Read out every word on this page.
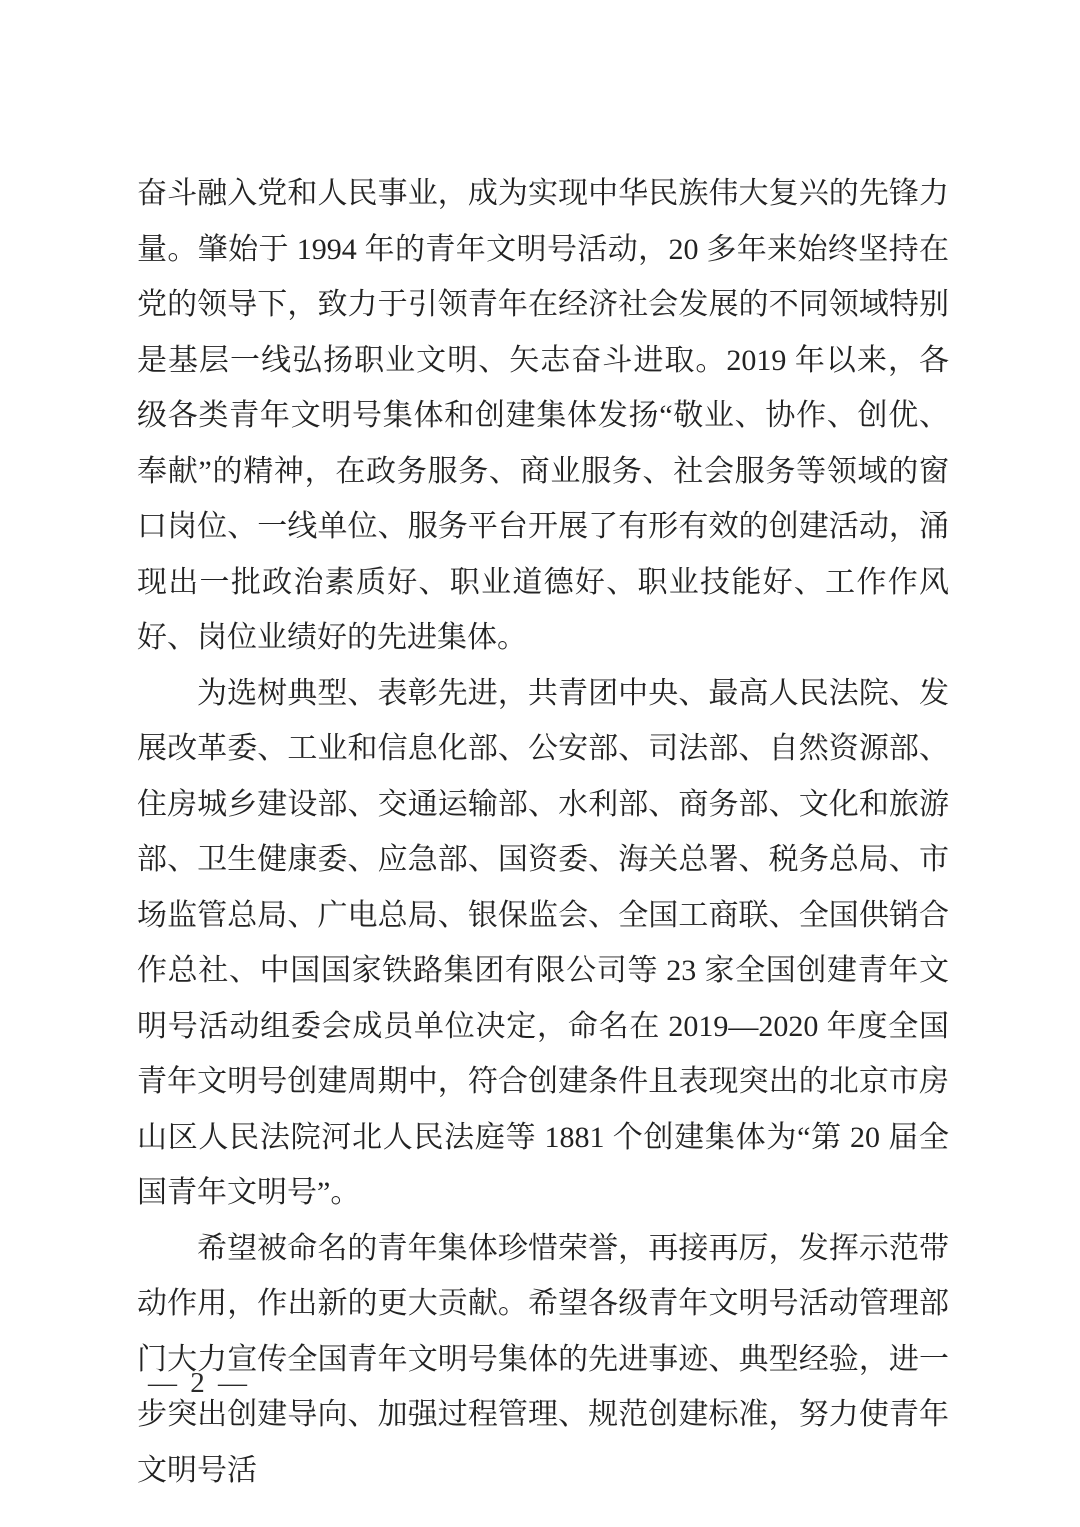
奋斗融入党和人民事业，成为实现中华民族伟大复兴的先锋力量。肇始于 1994 年的青年文明号活动，20 多年来始终坚持在党的领导下，致力于引领青年在经济社会发展的不同领域特别是基层一线弘扬职业文明、矢志奋斗进取。2019 年以来，各级各类青年文明号集体和创建集体发扬“敬业、协作、创优、奉献”的精神，在政务服务、商业服务、社会服务等领域的窗口岗位、一线单位、服务平台开展了有形有效的创建活动，涌现出一批政治素质好、职业道德好、职业技能好、工作作风好、岗位业绩好的先进集体。

为选树典型、表彰先进，共青团中央、最高人民法院、发展改革委、工业和信息化部、公安部、司法部、自然资源部、住房城乡建设部、交通运输部、水利部、商务部、文化和旅游部、卫生健康委、应急部、国资委、海关总署、税务总局、市场监管总局、广电总局、银保监会、全国工商联、全国供销合作总社、中国国家铁路集团有限公司等 23 家全国创建青年文明号活动组委会成员单位决定，命名在 2019—2020 年度全国青年文明号创建周期中，符合创建条件且表现突出的北京市房山区人民法院河北人民法庭等 1881 个创建集体为“第 20 届全国青年文明号”。

希望被命名的青年集体珍惜荣誉，再接再厉，发挥示范带动作用，作出新的更大贡献。希望各级青年文明号活动管理部门大力宣传全国青年文明号集体的先进事迹、典型经验，进一步突出创建导向、加强过程管理、规范创建标准，努力使青年文明号活

— 2 —
